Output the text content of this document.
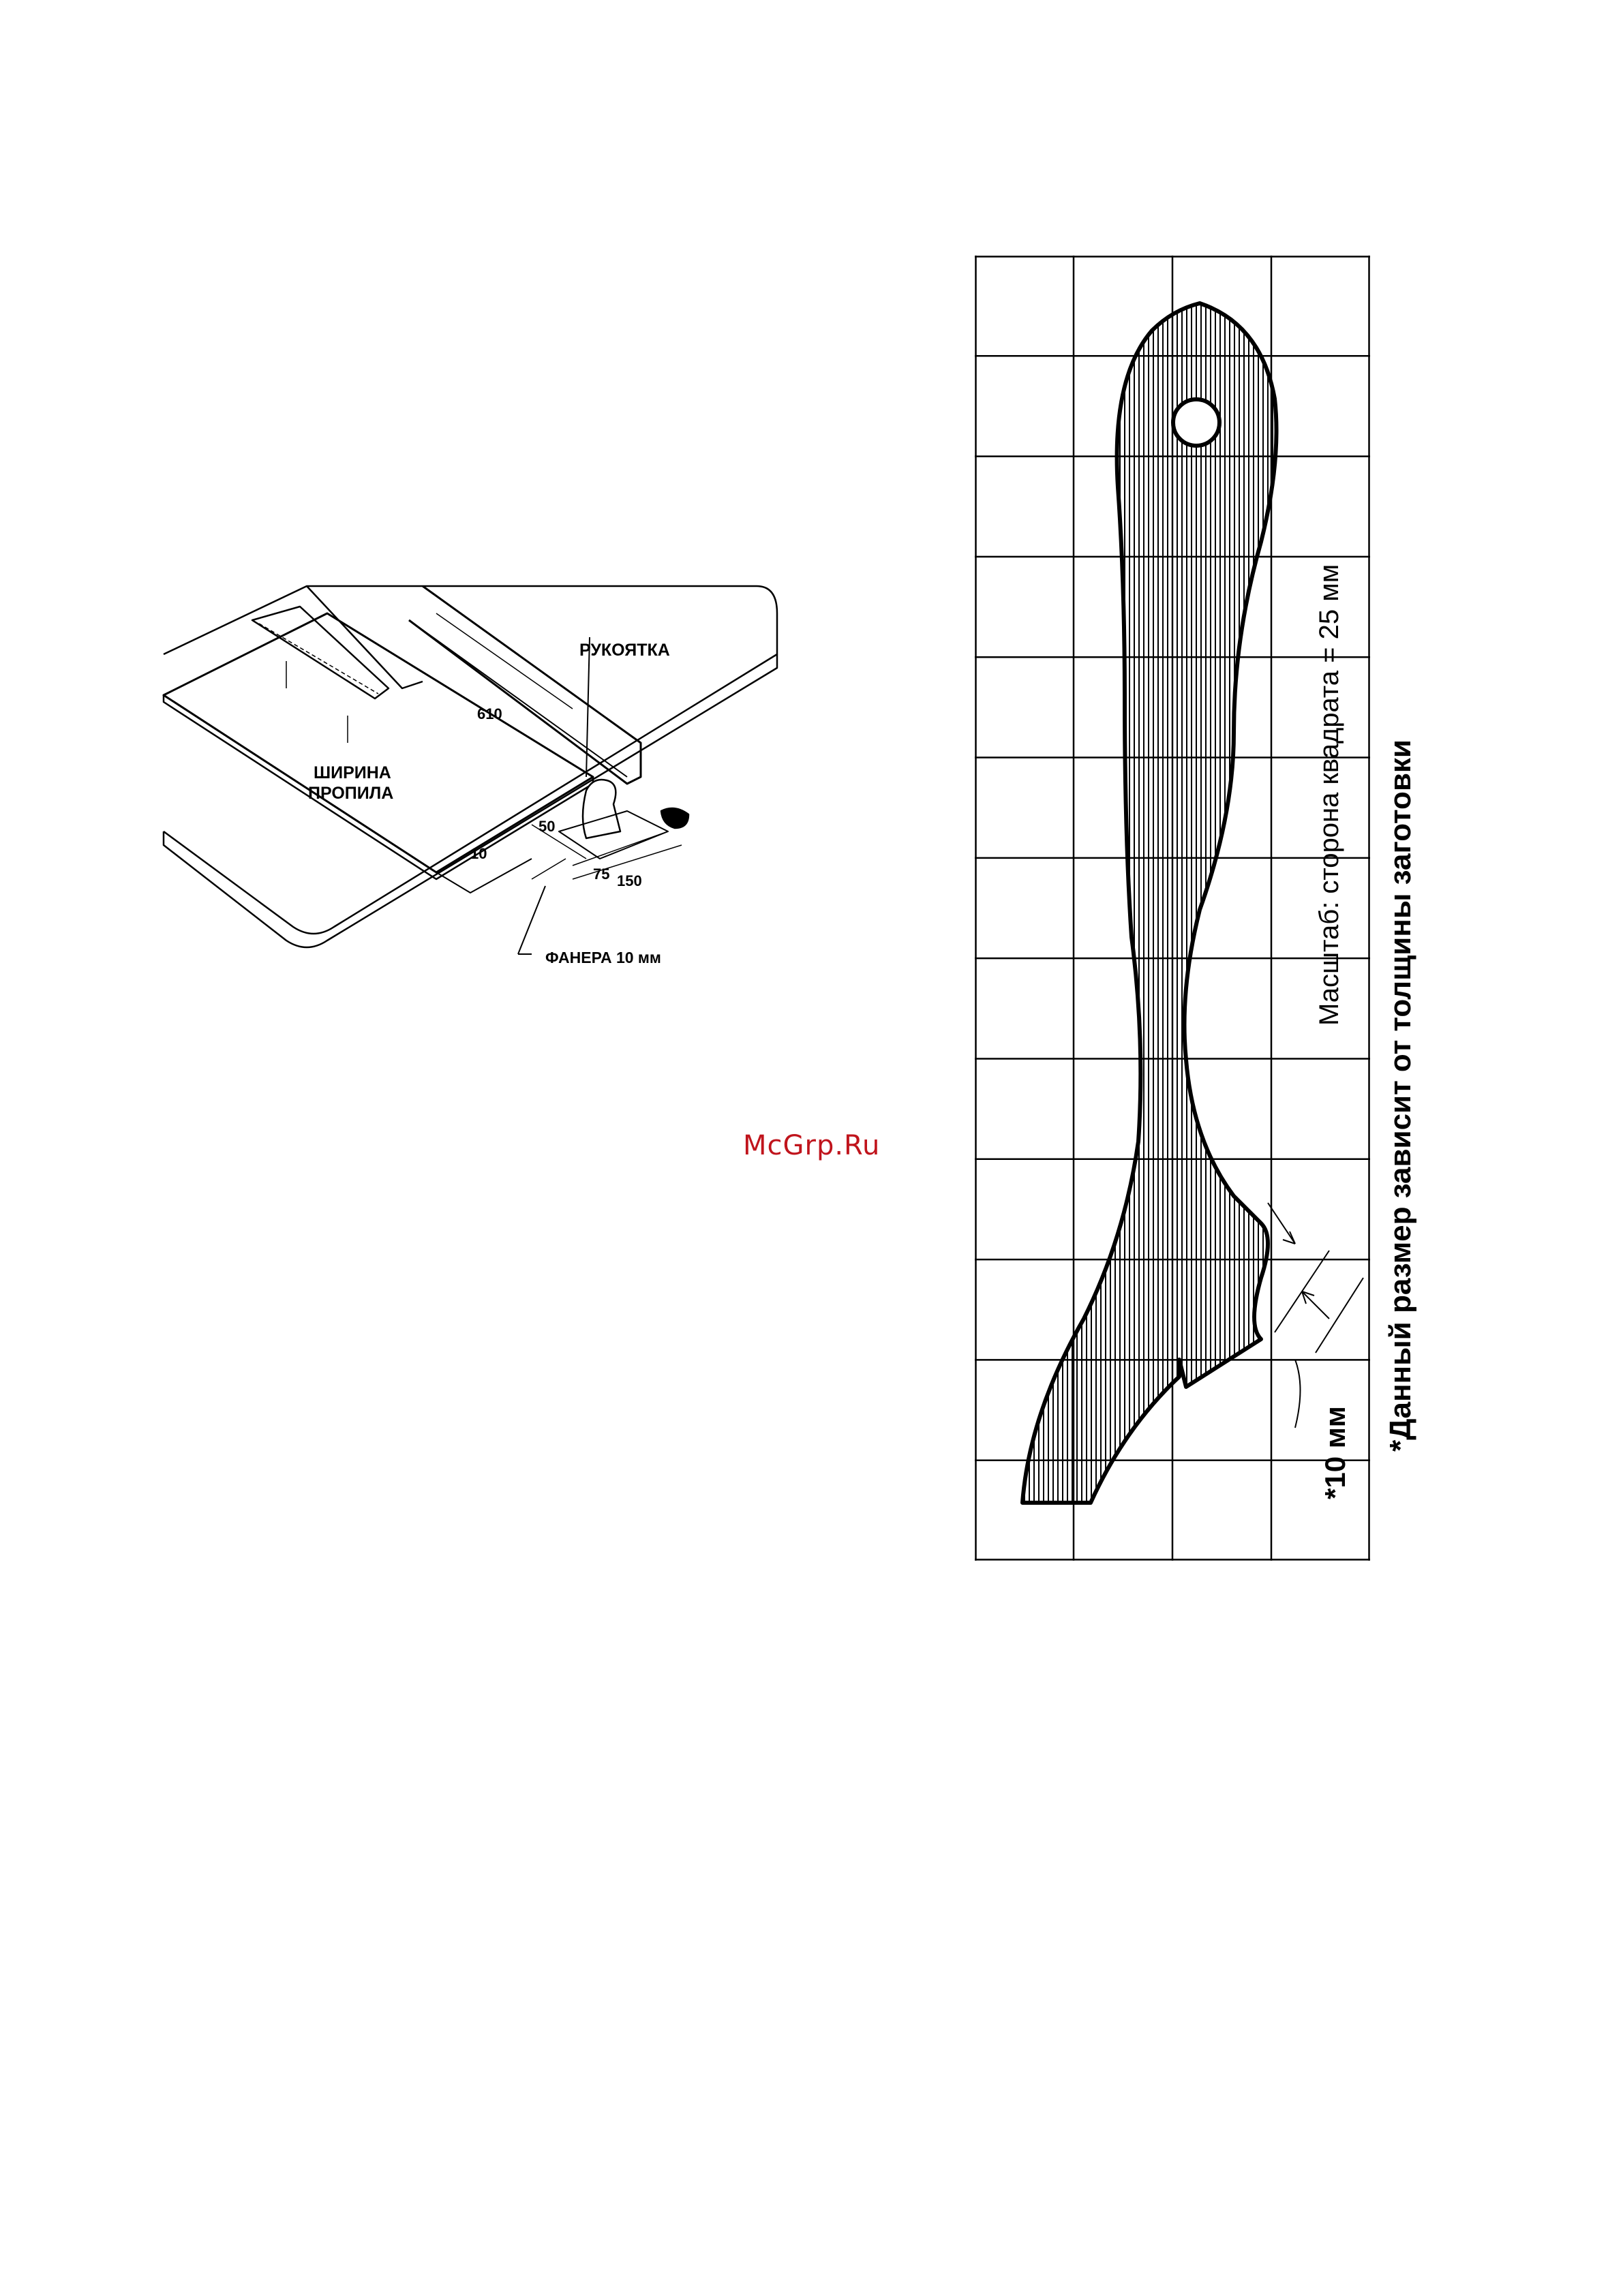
McGrp.Ru
РУКОЯТКА
610
ШИРИНА
ПРОПИЛА
50
10
75 150
ФАНЕРА 10 мм	Масштаб: сторона квадрата = 25 мм *Данный размер зависит от толщины заготовки
*10 мм
